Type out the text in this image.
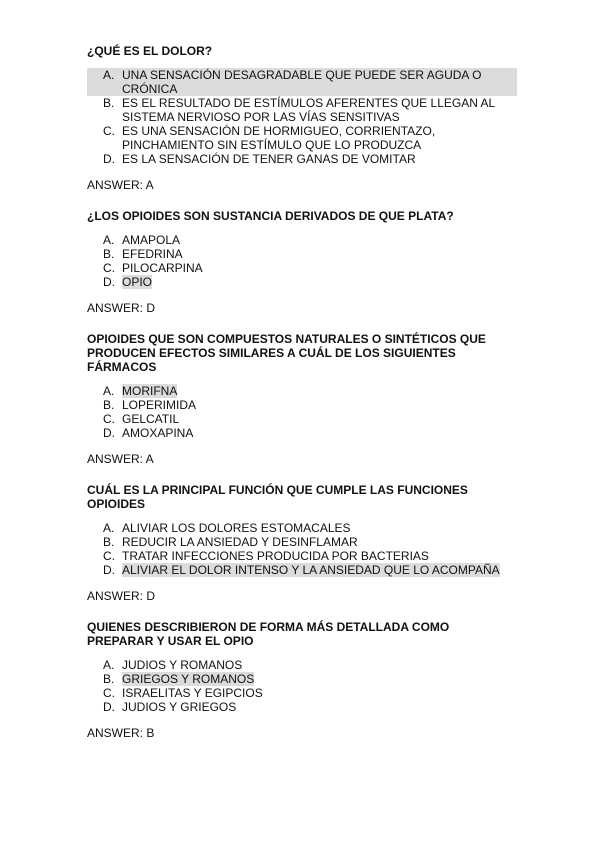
¿QUÉ ES EL DOLOR?
A. UNA SENSACIÓN DESAGRADABLE QUE PUEDE SER AGUDA O CRÓNICA
B. ES EL RESULTADO DE ESTÍMULOS AFERENTES QUE LLEGAN AL SISTEMA NERVIOSO POR LAS VÍAS SENSITIVAS
C. ES UNA SENSACIÓN DE HORMIGUEO, CORRIENTAZO, PINCHAMIENTO SIN ESTÍMULO QUE LO PRODUZCA
D. ES LA SENSACIÓN DE TENER GANAS DE VOMITAR
ANSWER: A
¿LOS OPIOIDES SON SUSTANCIA DERIVADOS DE QUE PLATA?
A. AMAPOLA
B. EFEDRINA
C. PILOCARPINA
D. OPIO
ANSWER: D
OPIOIDES QUE SON COMPUESTOS NATURALES O SINTÉTICOS QUE PRODUCEN EFECTOS SIMILARES A CUÁL DE LOS SIGUIENTES FÁRMACOS
A. MORIFNA
B. LOPERIMIDA
C. GELCATIL
D. AMOXAPINA
ANSWER: A
CUÁL ES LA PRINCIPAL FUNCIÓN QUE CUMPLE LAS FUNCIONES OPIOIDES
A. ALIVIAR LOS DOLORES ESTOMACALES
B. REDUCIR LA ANSIEDAD Y DESINFLAMAR
C. TRATAR INFECCIONES PRODUCIDA POR BACTERIAS
D. ALIVIAR EL DOLOR INTENSO Y LA ANSIEDAD QUE LO ACOMPAÑA
ANSWER: D
QUIENES DESCRIBIERON DE FORMA MÁS DETALLADA COMO PREPARAR Y USAR EL OPIO
A. JUDIOS Y ROMANOS
B. GRIEGOS Y ROMANOS
C. ISRAELITAS Y EGIPCIOS
D. JUDIOS Y GRIEGOS
ANSWER: B
